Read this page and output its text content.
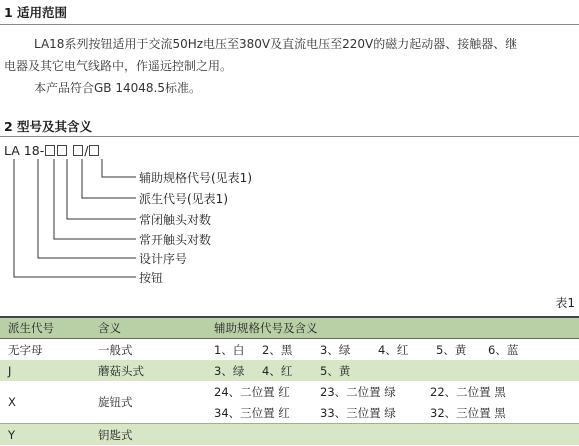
1 适用范围
LA18系列按钮适用于交流50Hz电压至380V及直流电压至220V的磁力起动器、接触器、继
电器及其它电气线路中，作遥远控制之用。
本产品符合GB 14048.5标准。
2 型号及其含义
LA 18-	/
辅助规格代号(见表1)
派生代号(见表1)
常闭触头对数
常开触头对数
设计序号
按钮
表1
派生代号	含义	辅助规格代号及含义
无字母	一般式	1、白 2、黑 3、绿 4、红 5、黄 6、蓝
J	蘑菇头式	3、绿 4、红 5、黄
X	旋钮式	24、二位置 红 23、二位置 绿 22、二位置 黑
		34、三位置 红 33、三位置 绿 32、三位置 黑
Y	钥匙式	
